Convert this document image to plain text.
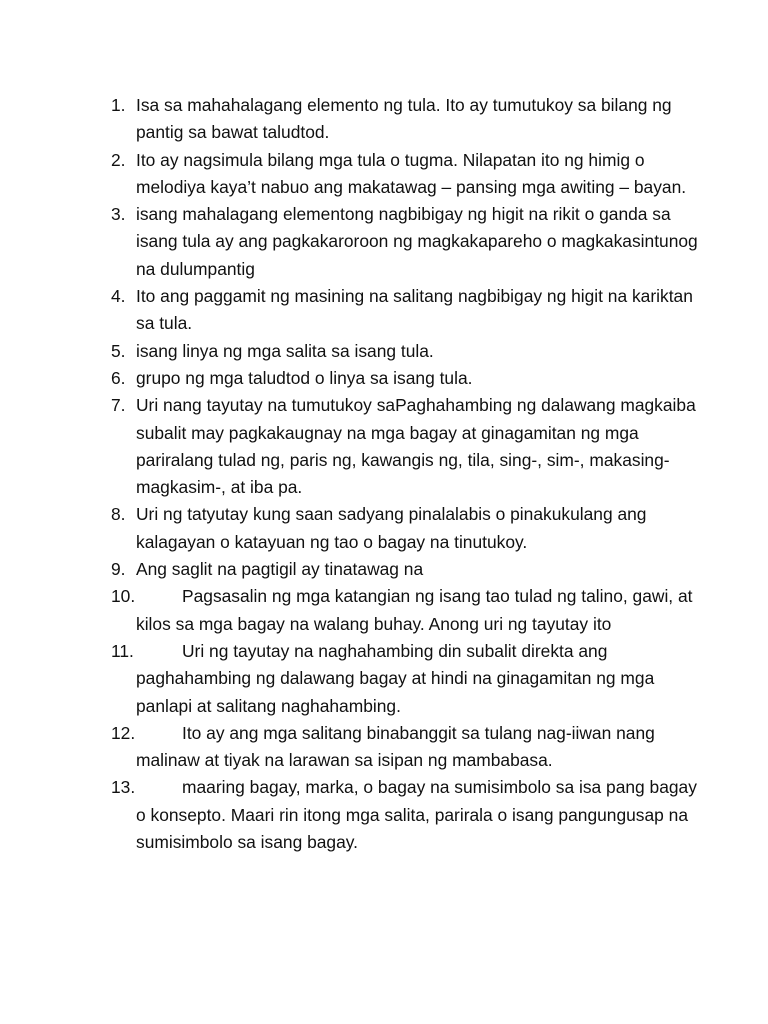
1. Isa sa mahahalagang elemento ng tula. Ito ay tumutukoy sa bilang ng pantig sa bawat taludtod.
2. Ito ay nagsimula bilang mga tula o tugma. Nilapatan ito ng himig o melodiya kaya’t nabuo ang makatawag – pansing mga awiting – bayan.
3. isang mahalagang elementong nagbibigay ng higit na rikit o ganda sa isang tula ay ang pagkakaroroon ng magkakapareho o magkakasintunog na dulumpantig
4. Ito ang paggamit ng masining na salitang nagbibigay ng higit na kariktan sa tula.
5. isang linya ng mga salita sa isang tula.
6. grupo ng mga taludtod o linya sa isang tula.
7. Uri nang tayutay na tumutukoy saPaghahambing ng dalawang magkaiba subalit may pagkakaugnay na mga bagay at ginagamitan ng mga pariralang tulad ng, paris ng, kawangis ng, tila, sing-, sim-, makasing-magkasim-, at iba pa.
8. Uri ng tatyutay kung saan sadyang pinalalabis o pinakukulang ang kalagayan o katayuan ng tao o bagay na tinutukoy.
9. Ang saglit na pagtigil ay tinatawag na
10.	Pagsasalin ng mga katangian ng isang tao tulad ng talino, gawi, at kilos sa mga bagay na walang buhay. Anong uri ng tayutay ito
11.	Uri ng tayutay na naghahambing din subalit direkta ang paghahambing ng dalawang bagay at hindi na ginagamitan ng mga panlapi at salitang naghahambing.
12.	Ito ay ang mga salitang binabanggit sa tulang nag-iiwan nang malinaw at tiyak na larawan sa isipan ng mambabasa.
13.	maaring bagay, marka, o bagay na sumisimbolo sa isa pang bagay o konsepto. Maari rin itong mga salita, parirala o isang pangungusap na sumisimbolo sa isang bagay.
